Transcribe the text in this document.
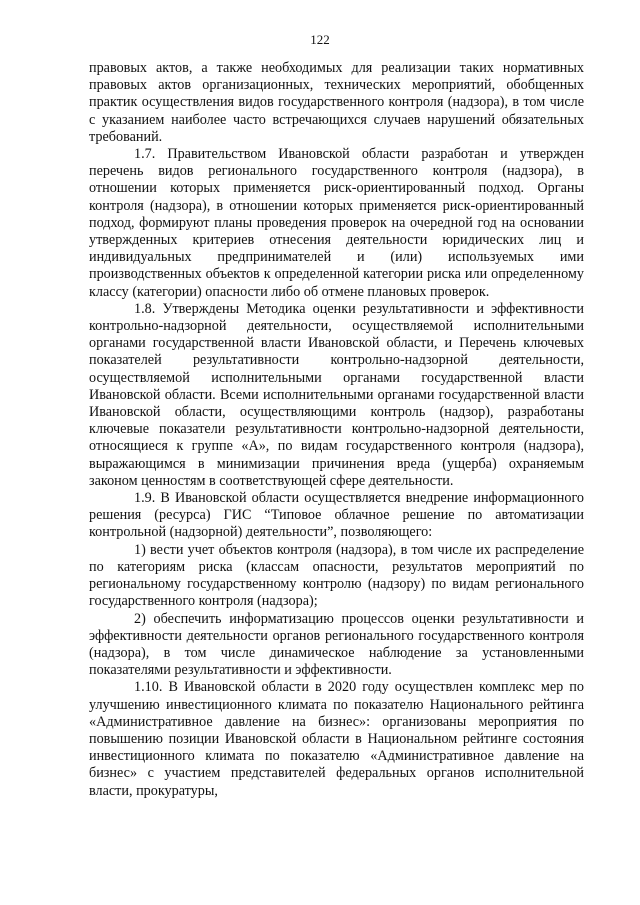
122

правовых актов, а также необходимых для реализации таких нормативных правовых актов организационных, технических мероприятий, обобщенных практик осуществления видов государственного контроля (надзора), в том числе с указанием наиболее часто встречающихся случаев нарушений обязательных требований.

1.7. Правительством Ивановской области разработан и утвержден перечень видов регионального государственного контроля (надзора), в отношении которых применяется риск-ориентированный подход. Органы контроля (надзора), в отношении которых применяется риск-ориентированный подход, формируют планы проведения проверок на очередной год на основании утвержденных критериев отнесения деятельности юридических лиц и индивидуальных предпринимателей и (или) используемых ими производственных объектов к определенной категории риска или определенному классу (категории) опасности либо об отмене плановых проверок.

1.8. Утверждены Методика оценки результативности и эффективности контрольно-надзорной деятельности, осуществляемой исполнительными органами государственной власти Ивановской области, и Перечень ключевых показателей результативности контрольно-надзорной деятельности, осуществляемой исполнительными органами государственной власти Ивановской области. Всеми исполнительными органами государственной власти Ивановской области, осуществляющими контроль (надзор), разработаны ключевые показатели результативности контрольно-надзорной деятельности, относящиеся к группе «А», по видам государственного контроля (надзора), выражающимся в минимизации причинения вреда (ущерба) охраняемым законом ценностям в соответствующей сфере деятельности.

1.9. В Ивановской области осуществляется внедрение информационного решения (ресурса) ГИС “Типовое облачное решение по автоматизации контрольной (надзорной) деятельности”, позволяющего:

1) вести учет объектов контроля (надзора), в том числе их распределение по категориям риска (классам опасности, результатов мероприятий по региональному государственному контролю (надзору) по видам регионального государственного контроля (надзора);

2) обеспечить информатизацию процессов оценки результативности и эффективности деятельности органов регионального государственного контроля (надзора), в том числе динамическое наблюдение за установленными показателями результативности и эффективности.

1.10. В Ивановской области в 2020 году осуществлен комплекс мер по улучшению инвестиционного климата по показателю Национального рейтинга «Административное давление на бизнес»: организованы мероприятия по повышению позиции Ивановской области в Национальном рейтинге состояния инвестиционного климата по показателю «Административное давление на бизнес» с участием представителей федеральных органов исполнительной власти, прокуратуры,
